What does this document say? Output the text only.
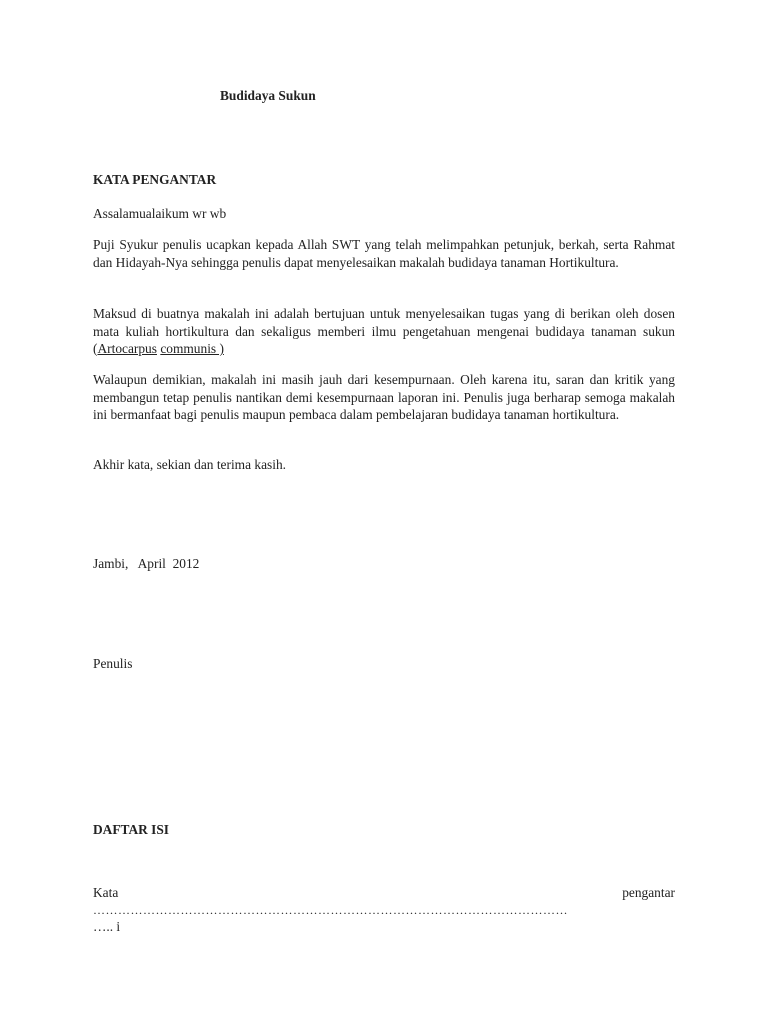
Budidaya Sukun
KATA PENGANTAR
Assalamualaikum wr wb
Puji Syukur penulis ucapkan kepada Allah SWT yang telah melimpahkan petunjuk, berkah, serta Rahmat dan Hidayah-Nya sehingga penulis dapat menyelesaikan makalah budidaya tanaman Hortikultura.
Maksud di buatnya makalah ini adalah bertujuan untuk menyelesaikan tugas yang di berikan oleh dosen mata kuliah hortikultura dan sekaligus memberi ilmu pengetahuan mengenai budidaya tanaman sukun (Artocarpus communis )
Walaupun demikian, makalah ini masih jauh dari kesempurnaan. Oleh karena itu, saran dan kritik yang membangun tetap penulis nantikan demi kesempurnaan laporan ini. Penulis juga berharap semoga makalah ini bermanfaat bagi penulis maupun pembaca dalam pembelajaran budidaya tanaman hortikultura.
Akhir kata, sekian dan terima kasih.
Jambi,   April  2012
Penulis
DAFTAR ISI
Kata	pengantar
……………………………………………………………………………………………………
….. i
